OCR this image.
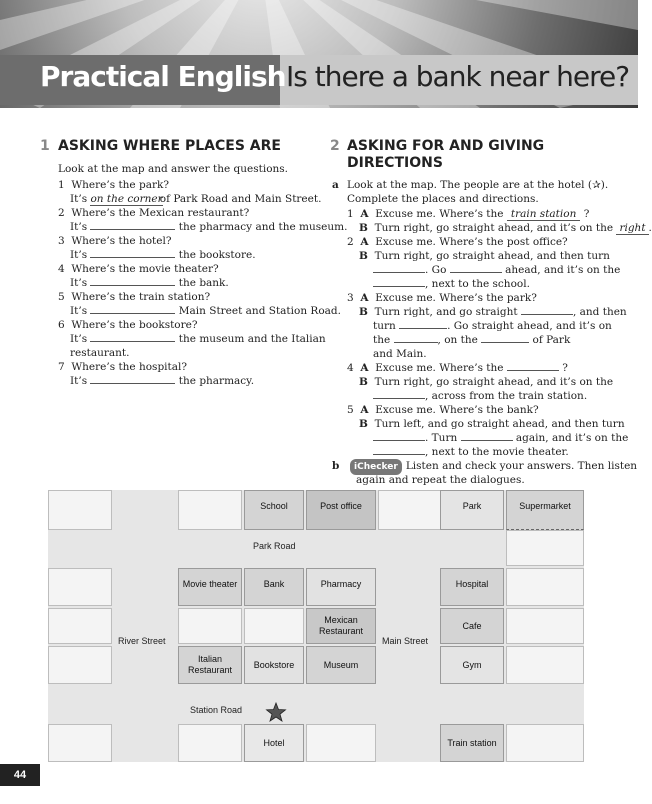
Practical English Is there a bank near here?
1 ASKING WHERE PLACES ARE
Look at the map and answer the questions.
1 Where’s the park?
It’s on the corner of Park Road and Main Street.
2 Where’s the Mexican restaurant?
It’s	the pharmacy and the museum.
3 Where’s the hotel?
It’s	the bookstore.
4 Where’s the movie theater?
It’s	the bank.
5 Where’s the train station?
It’s	Main Street and Station Road.
6 Where’s the bookstore?
It’s	the museum and the Italian
restaurant.
7 Where’s the hospital?
It’s	the pharmacy.
2 ASKING FOR AND GIVING
DIRECTIONS
a Look at the map. The people are at the hotel (✰).
Complete the places and directions.
1 A Excuse me. Where’s the train station ?
B Turn right, go straight ahead, and it’s on the right .
2 A Excuse me. Where’s the post office?
B Turn right, go straight ahead, and then turn
. Go	ahead, and it’s on the
, next to the school.
3 A Excuse me. Where’s the park?
B Turn right, and go straight	, and then
turn	. Go straight ahead, and it’s on
the	, on the	of Park
and Main.
4 A Excuse me. Where’s the	?
B Turn right, go straight ahead, and it’s on the
, across from the train station.
5 A Excuse me. Where’s the bank?
B Turn left, and go straight ahead, and then turn
. Turn	again, and it’s on the
, next to the movie theater.
b	iChecker Listen and check your answers. Then listen
again and repeat the dialogues.
School	Post office	Park	Supermarket
Park Road
Movie theater	Bank	Pharmacy	Hospital
Mexican
Restaurant
Cafe
River Street	Main Street
Italian
Restaurant
Bookstore	Museum	Gym
Station Road
Hotel	Train station
44
